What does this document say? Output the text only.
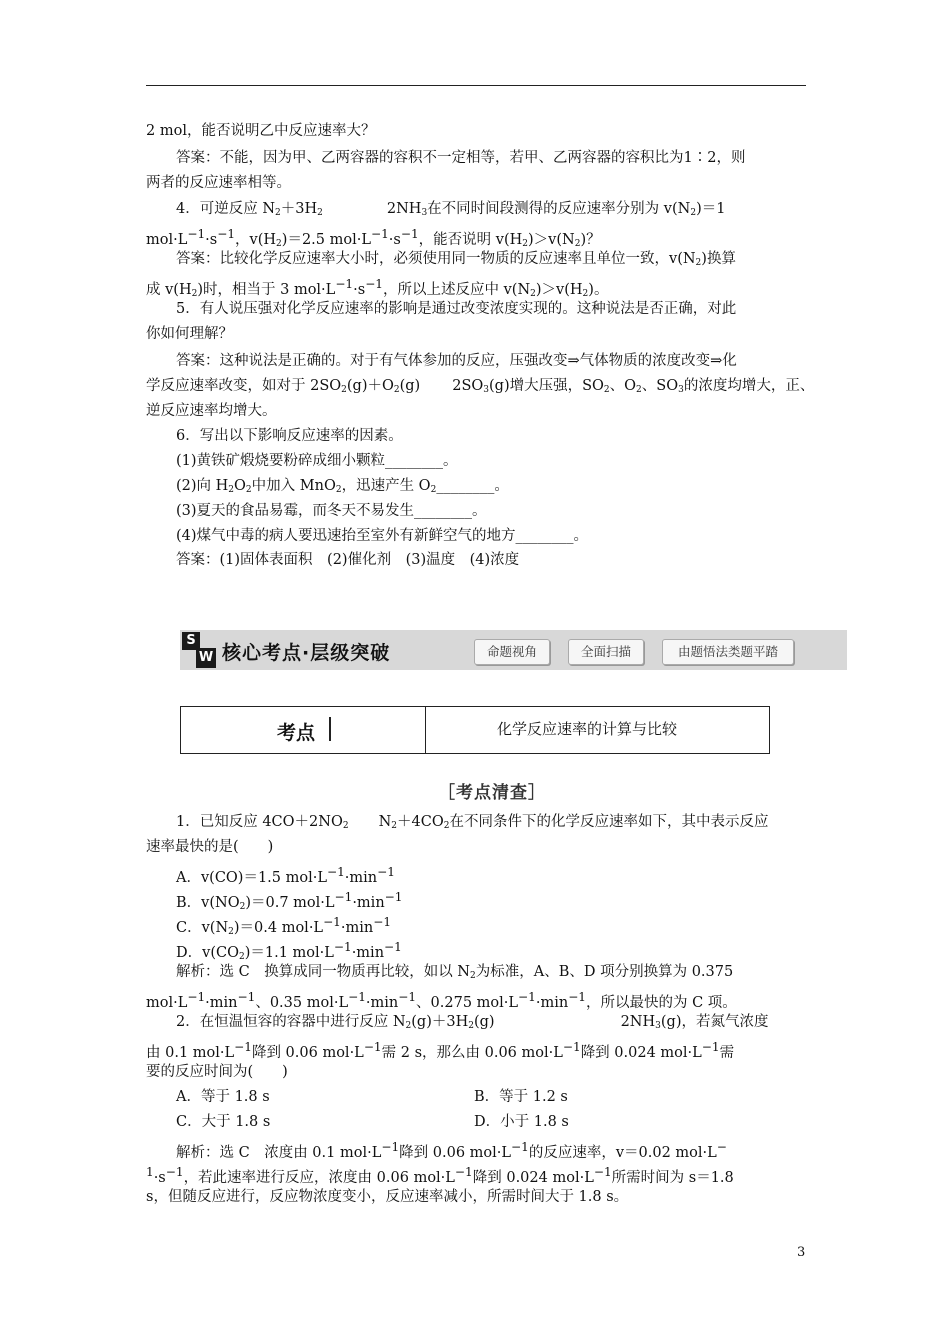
2 mol，能否说明乙中反应速率大？
答案：不能，因为甲、乙两容器的容积不一定相等，若甲、乙两容器的容积比为1∶2，则
两者的反应速率相等。
4．可逆反应 $N_2+3H_2$	$2NH_3$在不同时间段测得的反应速率分别为 $v(N_2)=1$
$mol\cdot L^{-1}\cdot s^{-1}$，$v(H_2)=2.5$ $mol\cdot L^{-1}\cdot s^{-1}$，能否说明 $v(H_2)>v(N_2)$？
答案：比较化学反应速率大小时，必须使用同一物质的反应速率且单位一致，$v(N_2)$换算
成 $v(H_2)$时，相当于 3 $mol\cdot L^{-1}\cdot s^{-1}$，所以上述反应中 $v(N_2)>v(H_2)$。
5．有人说压强对化学反应速率的影响是通过改变浓度实现的。这种说法是否正确，对此
你如何理解？
答案：这种说法是正确的。对于有气体参加的反应，压强改变⇒气体物质的浓度改变⇒化
学反应速率改变，如对于 $2SO_2(g)+O_2(g)$ $2SO_3(g)$增大压强，$SO_2$、$O_2$、$SO_3$的浓度均增大，正、
逆反应速率均增大。
6．写出以下影响反应速率的因素。
(1)黄铁矿煅烧要粉碎成细小颗粒________。
(2)向 $H_2O_2$中加入 MnO$_2$，迅速产生 $O_2\_\_\_\_\_\_\_\_$。
(3)夏天的食品易霉，而冬天不易发生________。
(4)煤气中毒的病人要迅速抬至室外有新鲜空气的地方________。
答案：(1)固体表面积　(2)催化剂　(3)温度　(4)浓度
S
W 核心考点·层级突破	命题视角	全面扫描	由题悟法类题平踏
考点	化学反应速率的计算与比较
［考点清查］
1．已知反应 $4CO+2NO_2$ $N_2+4CO_2$在不同条件下的化学反应速率如下，其中表示反应
速率最快的是(　　)
A．v(CO)＝1.5 $mol\cdot L^{-1}\cdot\min^{-1}$
B．$v(NO_2)=0.7$ $mol\cdot L^{-1}\cdot\min^{-1}$
C．$v(N_2)=0.4$ $mol\cdot L^{-1}\cdot\min^{-1}$
D．$v(CO_2)=1.1$ $mol\cdot L^{-1}\cdot\min^{-1}$
解析：选 C　换算成同一物质再比较，如以 $N_2$为标准，A、B、D 项分别换算为 0.375
$mol\cdot L^{-1}\cdot\min^{-1}$、0.35 $mol\cdot L^{-1}\cdot\min^{-1}$、0.275 $mol\cdot L^{-1}\cdot\min^{-1}$，所以最快的为 C 项。
2．在恒温恒容的容器中进行反应 $N_2(g)+3H_2(g)$	$2NH_3(g)$，若氮气浓度
由 0.1 $mol\cdot L^{-1}$降到 0.06 $mol\cdot L^{-1}$需 2 s，那么由 0.06 $mol\cdot L^{-1}$降到 0.024 $mol\cdot L^{-1}$需
要的反应时间为(　　)
A．等于 1.8 s	B．等于 1.2 s
C．大于 1.8 s	D．小于 1.8 s
解析：选 C　浓度由 0.1 $mol\cdot L^{-1}$降到 0.06 $mol\cdot L^{-1}$的反应速率，v＝0.02 mol·L−
$^1\cdot s^{-1}$，若此速率进行反应，浓度由 0.06 $mol\cdot L^{-1}$降到 0.024 $mol\cdot L^{-1}$所需时间为 s＝1.8
s，但随反应进行，反应物浓度变小，反应速率减小，所需时间大于 1.8 s。
3
